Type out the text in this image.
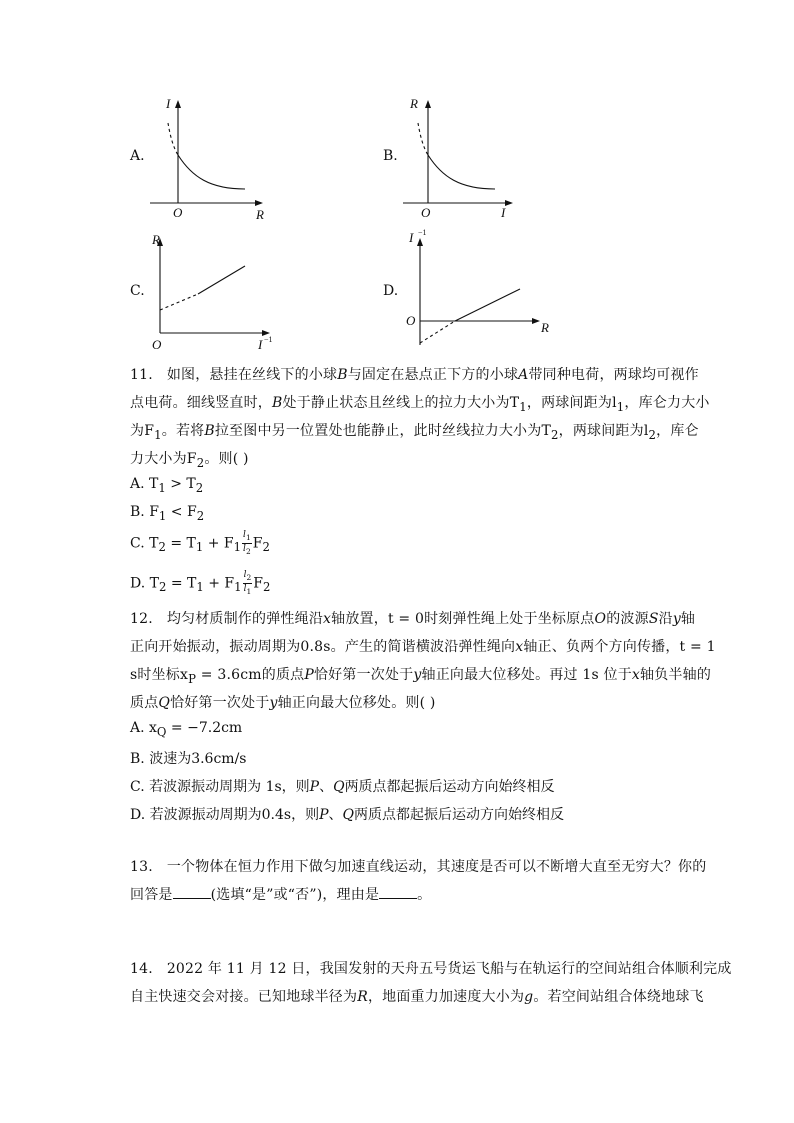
A.
I
R
O
B.
R
I
O
C.
R
I −1
O
D.
I −1
R
O
11. 如图，悬挂在丝线下的小球B与固定在悬点正下方的小球A带同种电荷，两球均可视作
点电荷。细线竖直时，B处于静止状态且丝线上的拉力大小为$T_1$，两球间距为$l_1$，库仑力大小
为$F_1$。若将B拉至图中另一位置处也能静止，此时丝线拉力大小为$T_2$，两球间距为$l_2$，库仑
力大小为$F_2$。则( )
A. $T_1 > T_2$
B. $F_1 < F_2$
C. $T_2 = T_1 + F_1 \frac{l_1}{l_2} F_2$
D. $T_2 = T_1 + F_1 \frac{l_2}{l_1} F_2$
12. 均匀材质制作的弹性绳沿x轴放置，t = 0时刻弹性绳上处于坐标原点O的波源S沿y轴
正向开始振动，振动周期为0.8s。产生的简谐横波沿弹性绳向x轴正、负两个方向传播，t = 1
s时坐标$x_P = 3.6cm$的质点P恰好第一次处于y轴正向最大位移处。再过 1s 位于x轴负半轴的
质点Q恰好第一次处于y轴正向最大位移处。则( )
A. $x_Q = -7.2cm$
B. 波速为3.6cm/s
C. 若波源振动周期为 1s，则P、Q两质点都起振后运动方向始终相反
D. 若波源振动周期为0.4s，则P、Q两质点都起振后运动方向始终相反
13. 一个物体在恒力作用下做匀加速直线运动，其速度是否可以不断增大直至无穷大？你的
回答是	(选填“是”或“否”)，理由是	。
14. 2022 年 11 月 12 日，我国发射的天舟五号货运飞船与在轨运行的空间站组合体顺利完成
自主快速交会对接。已知地球半径为R，地面重力加速度大小为g。若空间站组合体绕地球飞
